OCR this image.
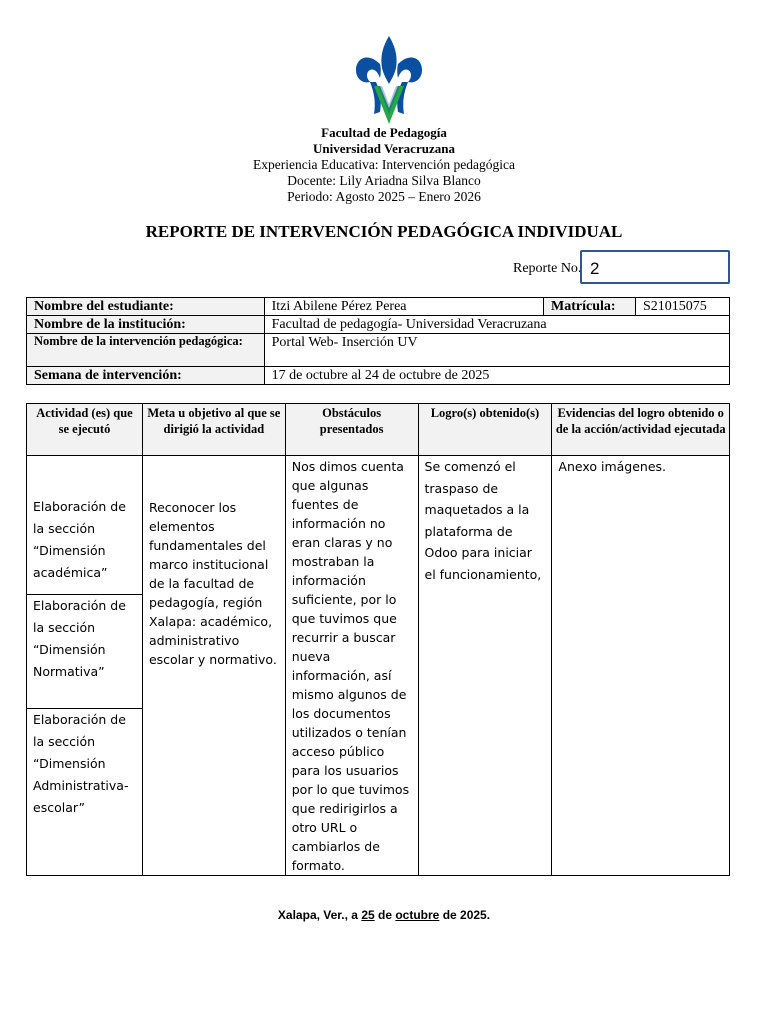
Facultad de Pedagogía
Universidad Veracruzana
Experiencia Educativa: Intervención pedagógica
Docente: Lily Ariadna Silva Blanco
Periodo: Agosto 2025 – Enero 2026
REPORTE DE INTERVENCIÓN PEDAGÓGICA INDIVIDUAL
Reporte No. 2
Nombre del estudiante:	Itzi Abilene Pérez Perea	Matrícula:	S21015075
Nombre de la institución:	Facultad de pedagogía- Universidad Veracruzana		
Nombre de la intervención pedagógica:	Portal Web- Inserción UV		
Semana de intervención:	17 de octubre al 24 de octubre de 2025		
Actividad (es) que se ejecutó	Meta u objetivo al que se dirigió la actividad	Obstáculos presentados	Logro(s) obtenido(s)	Evidencias del logro obtenido o de la acción/actividad ejecutada
Elaboración de la sección “Dimensión académica”	Reconocer los elementos fundamentales del marco institucional de la facultad de pedagogía, región Xalapa: académico, administrativo escolar y normativo.	Nos dimos cuenta que algunas fuentes de información no eran claras y no mostraban la información suficiente, por lo que tuvimos que recurrir a buscar nueva información, así mismo algunos de los documentos utilizados o tenían acceso público para los usuarios por lo que tuvimos que redirigirlos a otro URL o cambiarlos de formato.	Se comenzó el traspaso de maquetados a la plataforma de Odoo para iniciar el funcionamiento,	Anexo imágenes.
Elaboración de la sección “Dimensión Normativa”				
Elaboración de la sección “Dimensión Administrativa-escolar”				
Xalapa, Ver., a 25 de octubre de 2025.
